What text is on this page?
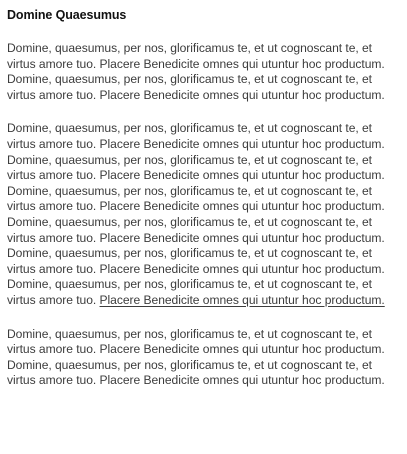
Domine Quaesumus

Domine, quaesumus, per nos, glorificamus te, et ut cognoscant te, et virtus amore tuo. Placere Benedicite omnes qui utuntur hoc productum. Domine, quaesumus, per nos, glorificamus te, et ut cognoscant te, et virtus amore tuo. Placere Benedicite omnes qui utuntur hoc productum.

Domine, quaesumus, per nos, glorificamus te, et ut cognoscant te, et virtus amore tuo. Placere Benedicite omnes qui utuntur hoc productum. Domine, quaesumus, per nos, glorificamus te, et ut cognoscant te, et virtus amore tuo. Placere Benedicite omnes qui utuntur hoc productum. Domine, quaesumus, per nos, glorificamus te, et ut cognoscant te, et virtus amore tuo. Placere Benedicite omnes qui utuntur hoc productum. Domine, quaesumus, per nos, glorificamus te, et ut cognoscant te, et virtus amore tuo. Placere Benedicite omnes qui utuntur hoc productum. Domine, quaesumus, per nos, glorificamus te, et ut cognoscant te, et virtus amore tuo. Placere Benedicite omnes qui utuntur hoc productum. Domine, quaesumus, per nos, glorificamus te, et ut cognoscant te, et virtus amore tuo. Placere Benedicite omnes qui utuntur hoc productum.

Domine, quaesumus, per nos, glorificamus te, et ut cognoscant te, et virtus amore tuo. Placere Benedicite omnes qui utuntur hoc productum. Domine, quaesumus, per nos, glorificamus te, et ut cognoscant te, et virtus amore tuo. Placere Benedicite omnes qui utuntur hoc productum.
